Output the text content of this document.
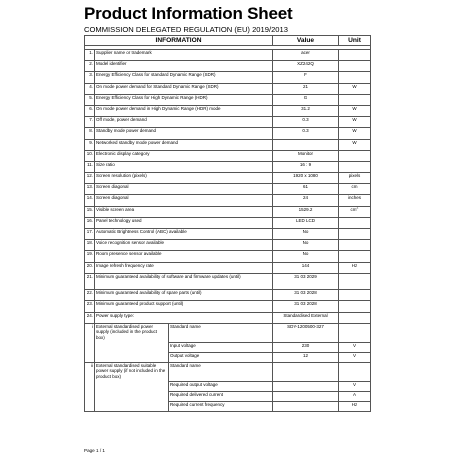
Product Information Sheet
COMMISSION DELEGATED REGULATION (EU) 2019/2013
INFORMATION			Value	Unit

1.	Supplier name or trademark		acer	
2.	Model identifier		XZ242Q	
3.	Energy Efficiency Class for standard Dynamic Range (SDR)		F	
4.	On mode power demand for Standard Dynamic Range (SDR)		21	W
5.	Energy Efficiency Class for High Dynamic Range (HDR)		G	
6.	On mode power demand in High Dynamic Range (HDR) mode		31.2	W
7.	Off mode, power demand		0.3	W
8.	Standby mode power demand		0.3	W
9.	Networked standby mode power demand			W
10.	Electronic display category		Monitor	
11.	Size ratio		16 : 9	
12.	Screen resolution (pixels)		1920 x 1080	pixels
13.	Screen diagonal		61	cm
14.	Screen diagonal		24	inches
15.	Visible screen area		1529.2	$cm^2$
16.	Panel technology used		LED LCD	
17.	Automatic Brightness Control (ABC) available		No	
18.	Voice recognition sensor available		No	
19.	Room presence sensor available		No	
20.	Image refresh frequency rate		144	Hz
21.	Minimum guaranteed availability of software and firmware updates (until)		31 03 2029	
22.	Minimum guaranteed availability of spare parts (until)		31 03 2028	
23.	Minimum guaranteed product support (until)		31 03 2028	
24.	Power supply type:		Standardised External	
i	External standardised power supply (included in the product box)	Standard name	SDY-1200500-327	
		Input voltage	230	V
		Output voltage	12	V
ii	External standardised suitable power supply (if not included in the product box)	Standard name		
		Required output voltage		V
		Required delivered current		A
		Required current frequency		Hz
Page 1 / 1
